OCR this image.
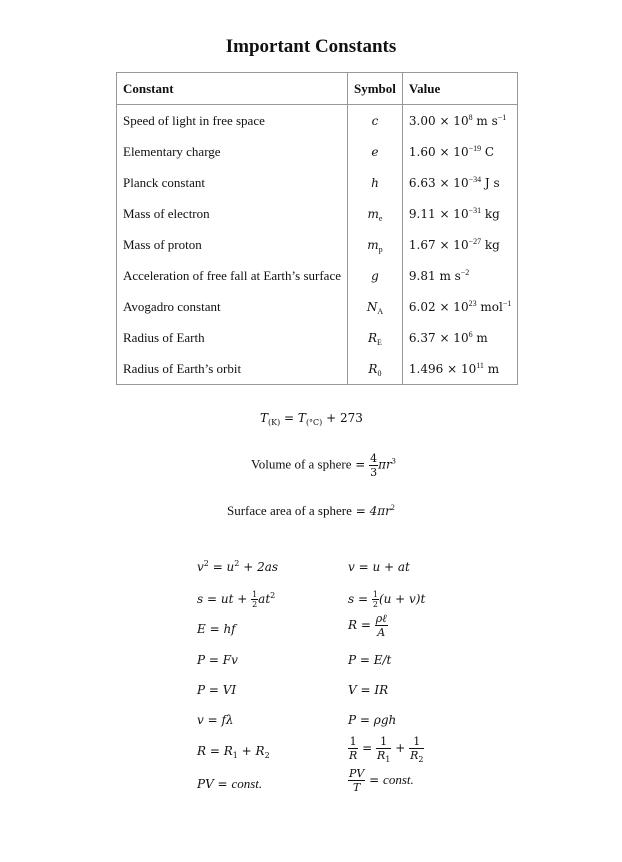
Important Constants
Constant	Symbol	Value
Speed of light in free space	c	$3.00 \times 10^8$ m $s^{-1}$
Elementary charge	e	$1.60 \times 10^{-19}$ C
Planck constant	h	$6.63 \times 10^{-34}$ J s
Mass of electron	$m_e$	$9.11 \times 10^{-31}$ kg
Mass of proton	$m_p$	$1.67 \times 10^{-27}$ kg
Acceleration of free fall at Earth’s surface	g	9.81 m $s^{-2}$
Avogadro constant	$N_A$	$6.02 \times 10^{23}$ mol$^{-1}$
Radius of Earth	$R_E$	$6.37 \times 10^6$ m
Radius of Earth’s orbit	$R_0$	$1.496 \times 10^{11}$ m
$T_{(K)} = T_{(^\circ C)} + 273$
Volume of a sphere = $\frac{4}{3} \pi r^3$
Surface area of a sphere = $4\pi r^2$
$v^2 = u^2 + 2as$	v = u + at
s = ut + $\frac{1}{2} at^2$	$s = \frac{1}{2} (u + v)t$
E = hf	$R = \frac{\text{ρℓ}}{A}$
P = Fv	P = E/t
P = VI	V = IR
v = fλ	P = ρgh
$R = R_1 + R_2$	$\frac{1}{R} = \frac{1}{R_1} + \frac{1}{R_2}$
PV = const.	$\frac{PV}{T}$ = const.
